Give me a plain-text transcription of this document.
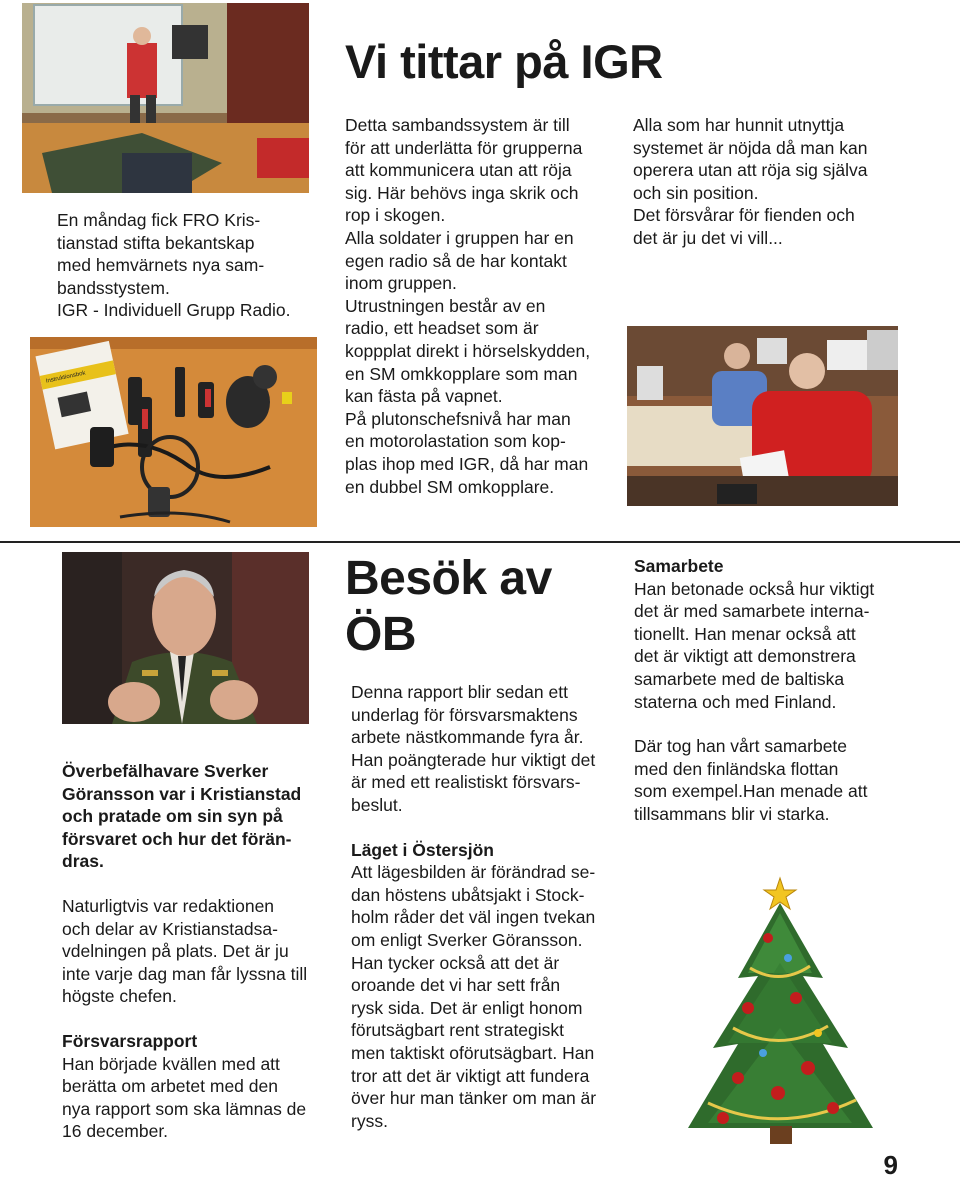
Vi tittar på IGR

En måndag fick FRO Kris-
tianstad stifta bekantskap
med hemvärnets nya sam-
bandsstystem.
IGR - Individuell Grupp Radio.

Instruktionsbok

Detta sambandssystem är till
för att underlätta för grupperna
att kommunicera utan att röja
sig. Här behövs inga skrik och
rop i skogen.
Alla soldater i gruppen har en
egen radio så de har kontakt
inom gruppen.
Utrustningen består av en
radio, ett headset som är
koppplat direkt i hörselskydden,
en SM omkkopplare som man
kan fästa på vapnet.
På plutonschefsnivå har man
en motorolastation som kop-
plas ihop med IGR, då har man
en dubbel SM omkopplare.

Alla som har hunnit utnyttja
systemet är nöjda då man kan
operera utan att röja sig själva
och sin position.
Det försvårar för fienden och
det är ju det vi vill...

Besök av
ÖB

Överbefälhavare Sverker
Göransson var i Kristianstad
och pratade om sin syn på
försvaret och hur det förän-
dras.

Naturligtvis var redaktionen
och delar av Kristianstadsa-
vdelningen på plats. Det är ju
inte varje dag man får lyssna till
högste chefen.

Försvarsrapport

Han började kvällen med att
berätta om arbetet med den
nya rapport som ska lämnas de
16 december.

Denna rapport blir sedan ett
underlag för försvarsmaktens
arbete nästkommande fyra år.
Han poängterade hur viktigt det
är med ett realistiskt försvars-
beslut.

Läget i Östersjön

Att lägesbilden är förändrad se-
dan höstens ubåtsjakt i Stock-
holm råder det väl ingen tvekan
om enligt Sverker Göransson.
Han tycker också att det är
oroande det vi har sett från
rysk sida. Det är enligt honom
förutsägbart rent strategiskt
men taktiskt oförutsägbart. Han
tror att det är viktigt att fundera
över hur man tänker om man är
ryss.

Samarbete

Han betonade också hur viktigt
det är med samarbete interna-
tionellt. Han menar också att
det är viktigt att demonstrera
samarbete med de baltiska
staterna och med Finland.

Där tog han vårt samarbete
med den finländska flottan
som exempel.Han menade att
tillsammans blir vi starka.

9
